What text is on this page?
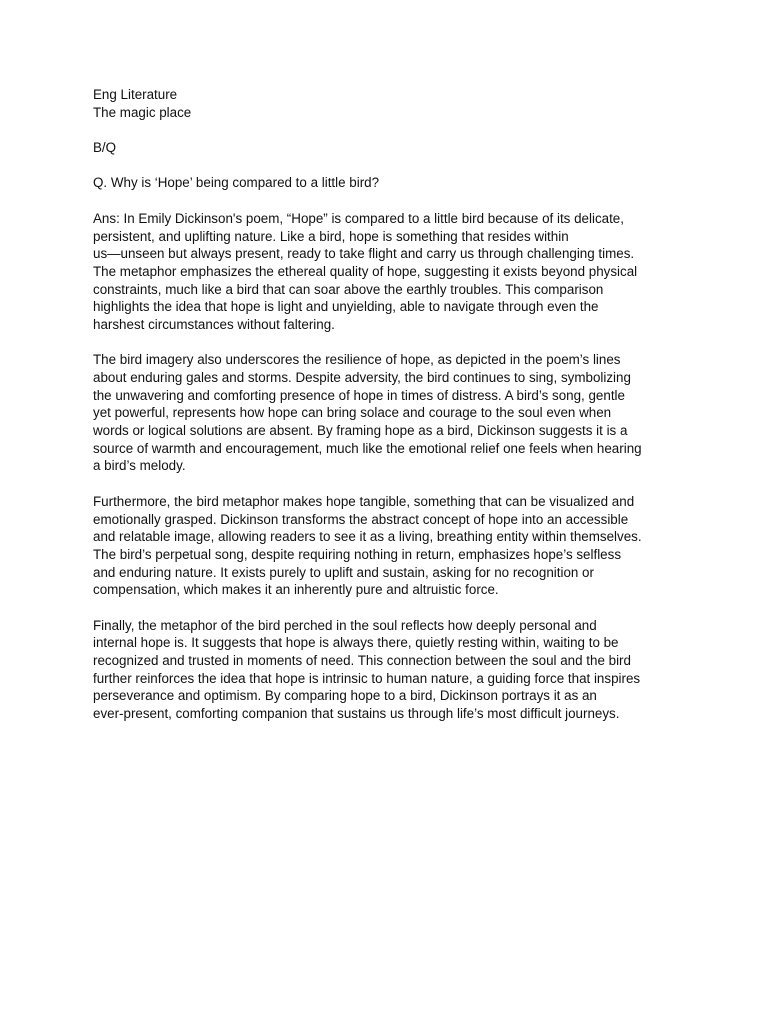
Eng Literature
The magic place
B/Q
Q. Why is ‘Hope’ being compared to a little bird?
Ans: In Emily Dickinson's poem, “Hope” is compared to a little bird because of its delicate,
persistent, and uplifting nature. Like a bird, hope is something that resides within
us—unseen but always present, ready to take flight and carry us through challenging times.
The metaphor emphasizes the ethereal quality of hope, suggesting it exists beyond physical
constraints, much like a bird that can soar above the earthly troubles. This comparison
highlights the idea that hope is light and unyielding, able to navigate through even the
harshest circumstances without faltering.
The bird imagery also underscores the resilience of hope, as depicted in the poem’s lines
about enduring gales and storms. Despite adversity, the bird continues to sing, symbolizing
the unwavering and comforting presence of hope in times of distress. A bird’s song, gentle
yet powerful, represents how hope can bring solace and courage to the soul even when
words or logical solutions are absent. By framing hope as a bird, Dickinson suggests it is a
source of warmth and encouragement, much like the emotional relief one feels when hearing
a bird’s melody.
Furthermore, the bird metaphor makes hope tangible, something that can be visualized and
emotionally grasped. Dickinson transforms the abstract concept of hope into an accessible
and relatable image, allowing readers to see it as a living, breathing entity within themselves.
The bird’s perpetual song, despite requiring nothing in return, emphasizes hope’s selfless
and enduring nature. It exists purely to uplift and sustain, asking for no recognition or
compensation, which makes it an inherently pure and altruistic force.
Finally, the metaphor of the bird perched in the soul reflects how deeply personal and
internal hope is. It suggests that hope is always there, quietly resting within, waiting to be
recognized and trusted in moments of need. This connection between the soul and the bird
further reinforces the idea that hope is intrinsic to human nature, a guiding force that inspires
perseverance and optimism. By comparing hope to a bird, Dickinson portrays it as an
ever-present, comforting companion that sustains us through life’s most difficult journeys.
